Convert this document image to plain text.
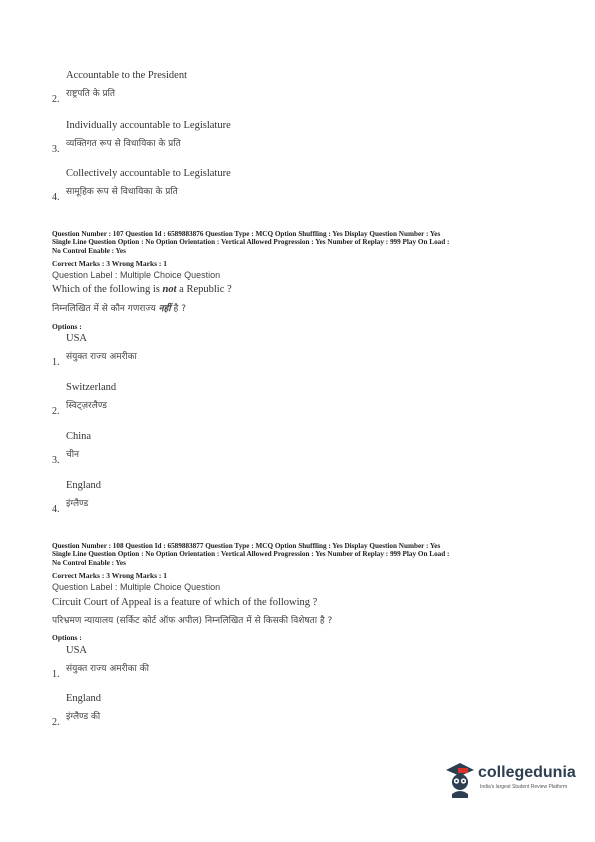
Accountable to the President
2. राष्ट्रपति के प्रति
Individually accountable to Legislature
3. व्यक्तिगत रूप से विधायिका के प्रति
Collectively accountable to Legislature
4. सामूहिक रूप से विधायिका के प्रति
Question Number : 107 Question Id : 6589883876 Question Type : MCQ Option Shuffling : Yes Display Question Number : Yes
Single Line Question Option : No Option Orientation : Vertical Allowed Progression : Yes Number of Replay : 999 Play On Load :
No Control Enable : Yes
Correct Marks : 3 Wrong Marks : 1
Question Label : Multiple Choice Question
Which of the following is not a Republic ?
निम्नलिखित में से कौन गणराज्य नहीं है ?
Options :
USA
संयुक्त राज्य अमरीका
1.
Switzerland
स्विट्ज़रलैण्ड
2.
China
चीन
3.
England
इंग्लैण्ड
4.
Question Number : 108 Question Id : 6589883877 Question Type : MCQ Option Shuffling : Yes Display Question Number : Yes
Single Line Question Option : No Option Orientation : Vertical Allowed Progression : Yes Number of Replay : 999 Play On Load :
No Control Enable : Yes
Correct Marks : 3 Wrong Marks : 1
Question Label : Multiple Choice Question
Circuit Court of Appeal is a feature of which of the following ?
परिभ्रमण न्यायालय (सर्किट कोर्ट ऑफ अपील) निम्नलिखित में से किसकी विशेषता है ?
Options :
USA
संयुक्त राज्य अमरीका की
1.
England
इंग्लैण्ड की
2.
collegedunia
India's largest Student Review Platform
